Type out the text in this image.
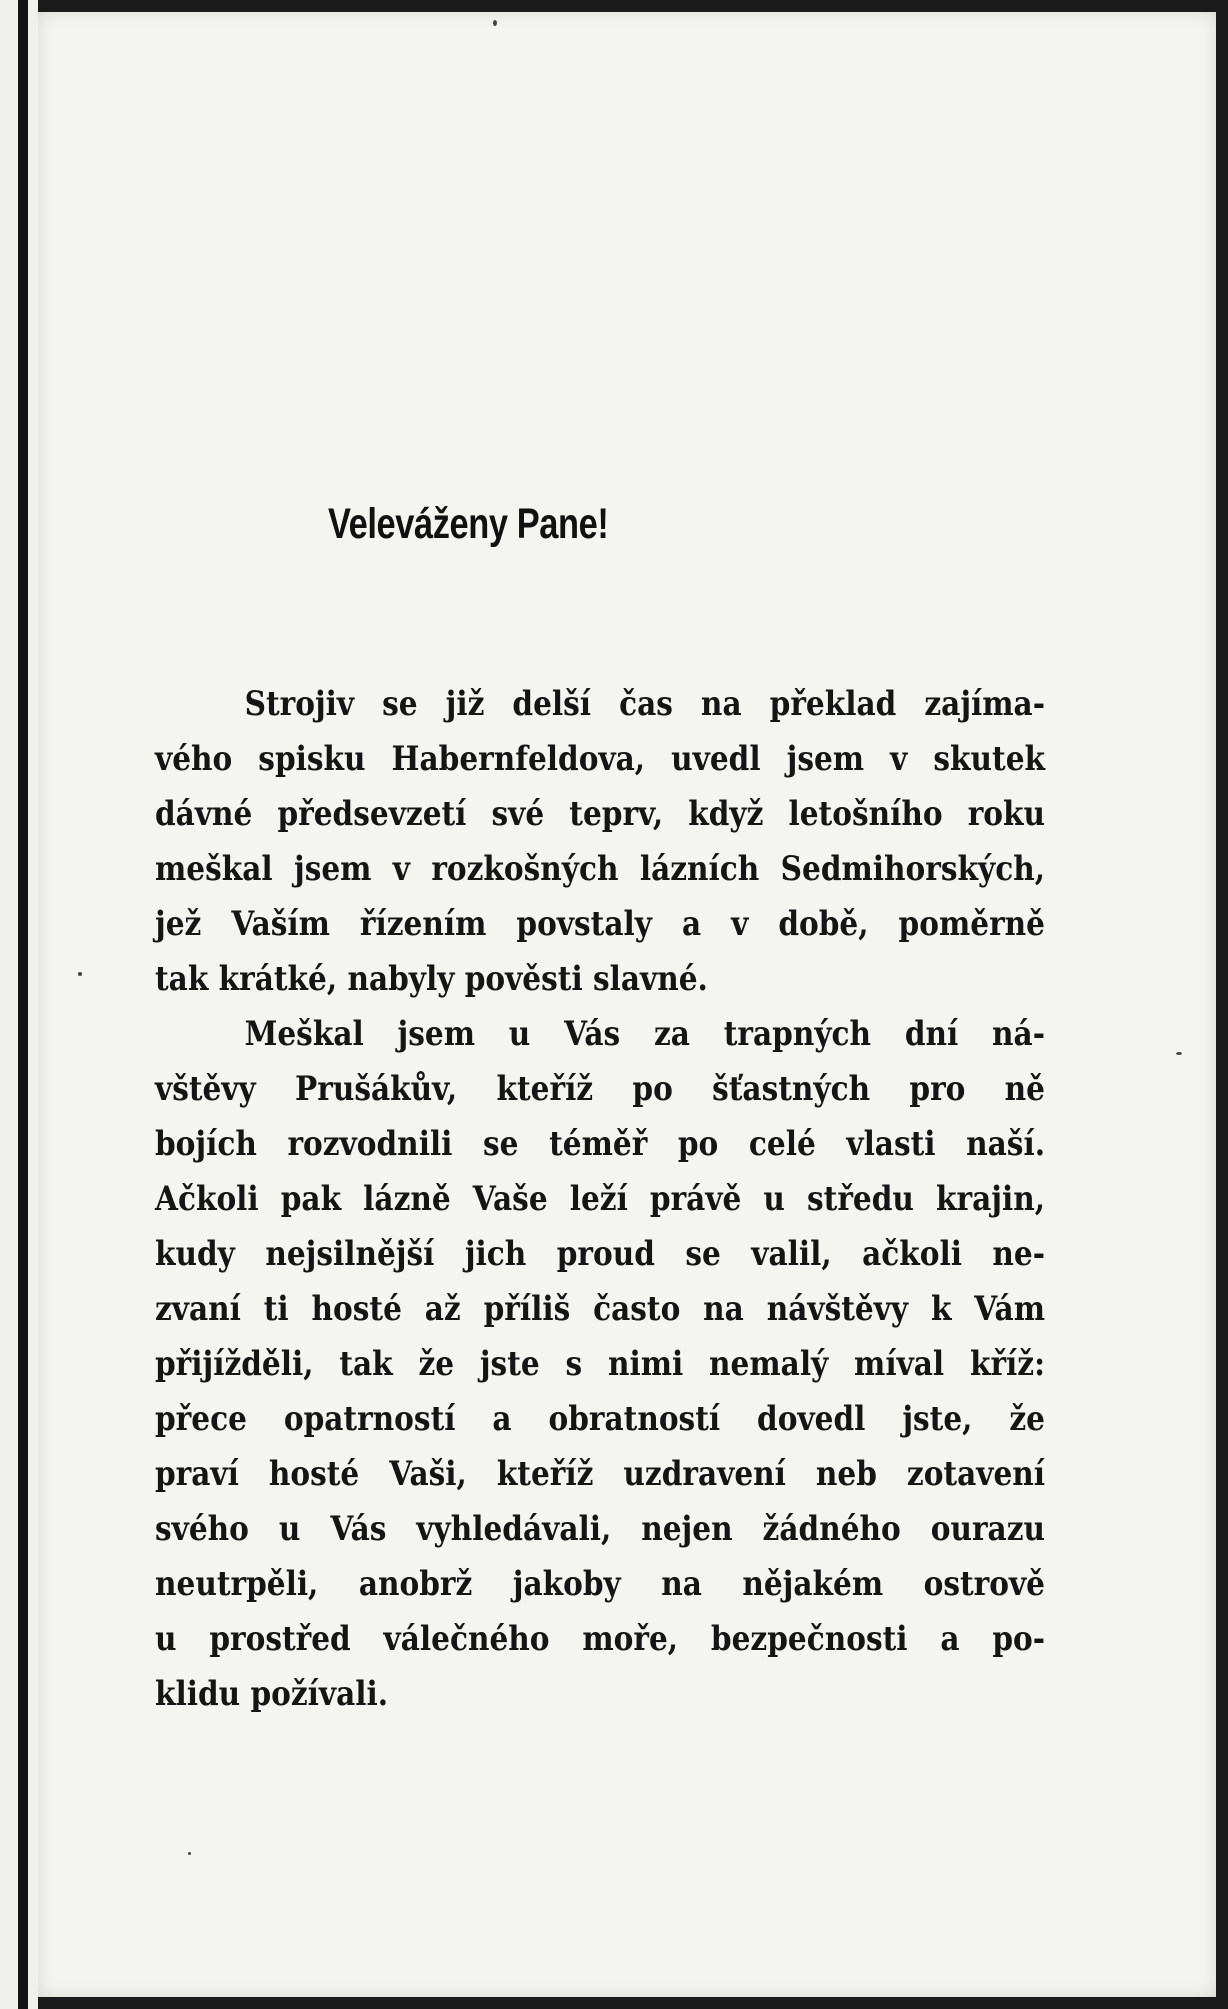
Veleváženy Pane!
Strojiv se již delší čas na překlad zajíma-
vého spisku Habernfeldova, uvedl jsem v skutek
dávné předsevzetí své teprv, když letošního roku
meškal jsem v rozkošných lázních Sedmihorských,
jež Vaším řízením povstaly a v době, poměrně
tak krátké, nabyly pověsti slavné.
Meškal jsem u Vás za trapných dní ná-
vštěvy Prušákův, kteříž po šťastných pro ně
bojích rozvodnili se téměř po celé vlasti naší.
Ačkoli pak lázně Vaše leží právě u středu krajin,
kudy nejsilnější jich proud se valil, ačkoli ne-
zvaní ti hosté až příliš často na návštěvy k Vám
přijížděli, tak že jste s nimi nemalý míval kříž:
přece opatrností a obratností dovedl jste, že
praví hosté Vaši, kteříž uzdravení neb zotavení
svého u Vás vyhledávali, nejen žádného ourazu
neutrpěli, anobrž jakoby na nějakém ostrově
u prostřed válečného moře, bezpečnosti a po-
klidu požívali.
